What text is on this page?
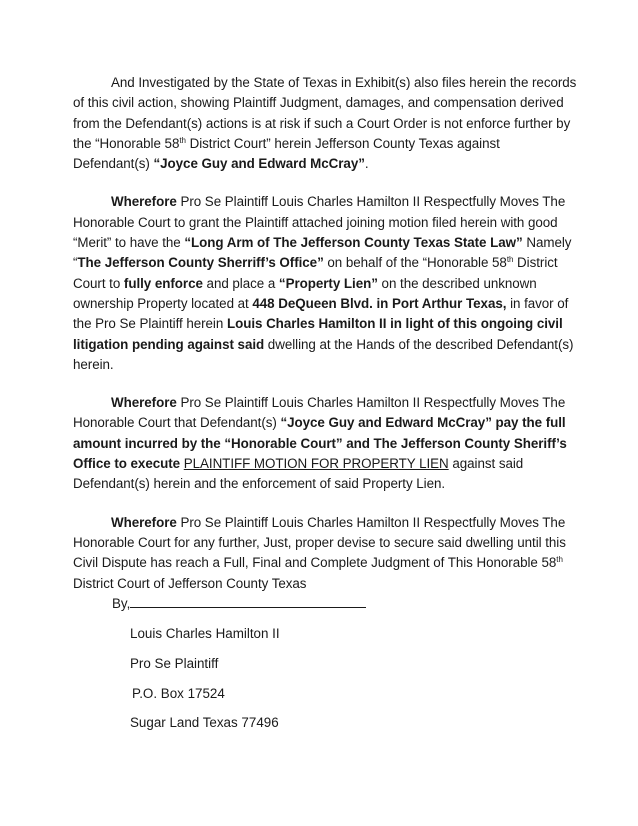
And Investigated by the State of Texas in Exhibit(s) also files herein the records of this civil action, showing Plaintiff Judgment, damages, and compensation derived from the Defendant(s) actions is at risk if such a Court Order is not enforce further by the “Honorable 58th District Court” herein Jefferson County Texas against Defendant(s) “Joyce Guy and Edward McCray”.

Wherefore Pro Se Plaintiff Louis Charles Hamilton II Respectfully Moves The Honorable Court to grant the Plaintiff attached joining motion filed herein with good “Merit” to have the “Long Arm of The Jefferson County Texas State Law” Namely “The Jefferson County Sherriff’s Office” on behalf of the “Honorable 58th District Court to fully enforce and place a “Property Lien” on the described unknown ownership Property located at 448 DeQueen Blvd. in Port Arthur Texas, in favor of the Pro Se Plaintiff herein Louis Charles Hamilton II in light of this ongoing civil litigation pending against said dwelling at the Hands of the described Defendant(s) herein.

Wherefore Pro Se Plaintiff Louis Charles Hamilton II Respectfully Moves The Honorable Court that Defendant(s) “Joyce Guy and Edward McCray” pay the full amount incurred by the “Honorable Court” and The Jefferson County Sheriff’s Office to execute PLAINTIFF MOTION FOR PROPERTY LIEN against said Defendant(s) herein and the enforcement of said Property Lien.

Wherefore Pro Se Plaintiff Louis Charles Hamilton II Respectfully Moves The Honorable Court for any further, Just, proper devise to secure said dwelling until this Civil Dispute has reach a Full, Final and Complete Judgment of This Honorable 58th District Court of Jefferson County Texas

By,
Louis Charles Hamilton II
Pro Se Plaintiff
P.O. Box 17524
Sugar Land Texas 77496
